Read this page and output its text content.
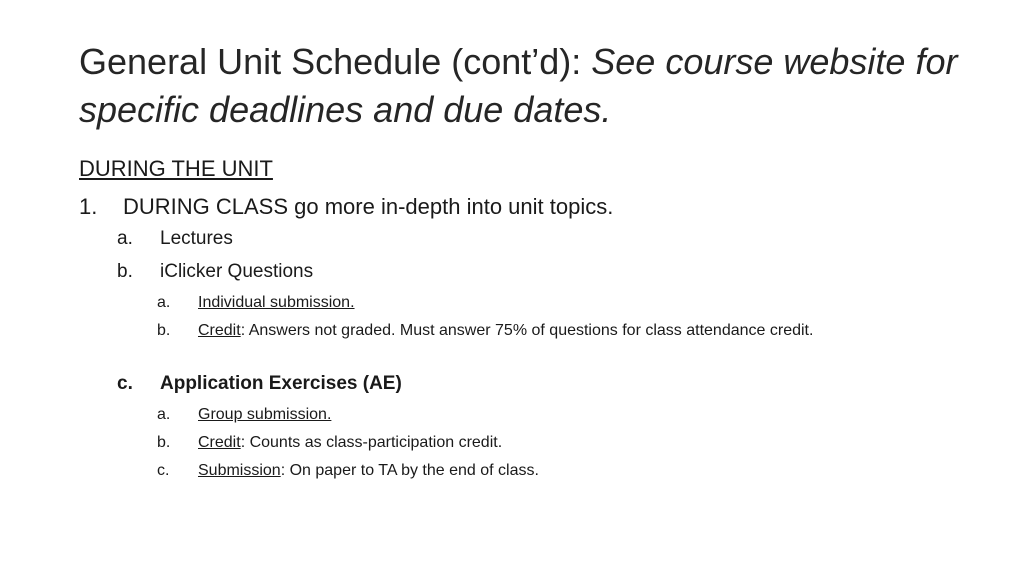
General Unit Schedule (cont’d): See course website for specific deadlines and due dates.
DURING THE UNIT
1. DURING CLASS go more in-depth into unit topics.
a. Lectures
b. iClicker Questions
a. Individual submission.
b. Credit: Answers not graded. Must answer 75% of questions for class attendance credit.
c. Application Exercises (AE)
a. Group submission.
b. Credit: Counts as class-participation credit.
c. Submission: On paper to TA by the end of class.
